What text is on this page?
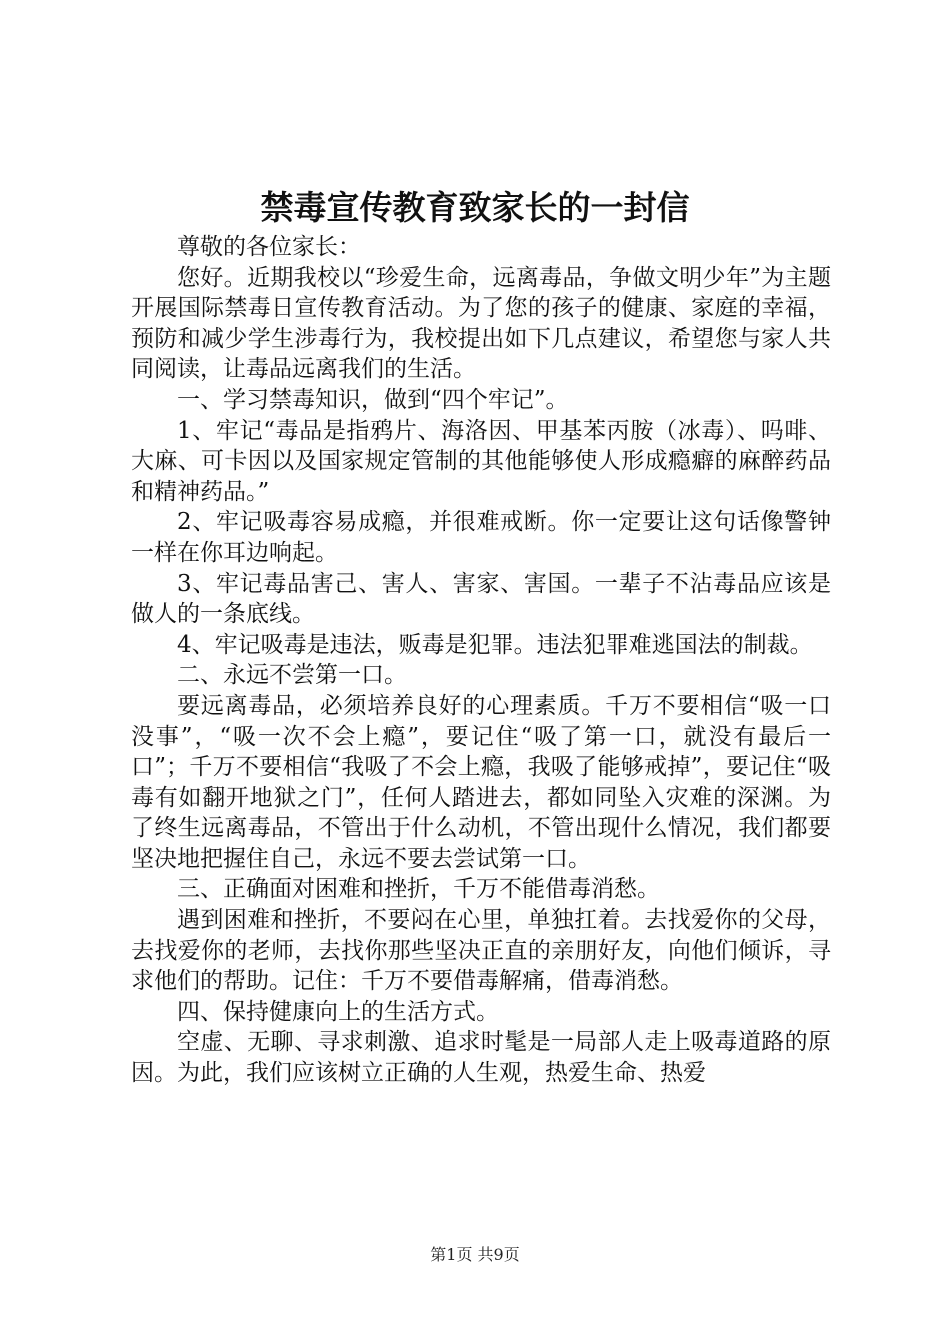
禁毒宣传教育致家长的一封信

尊敬的各位家长：

您好。近期我校以“珍爱生命，远离毒品，争做文明少年”为主题开展国际禁毒日宣传教育活动。为了您的孩子的健康、家庭的幸福，预防和减少学生涉毒行为，我校提出如下几点建议，希望您与家人共同阅读，让毒品远离我们的生活。

一、学习禁毒知识，做到“四个牢记”。

1、牢记“毒品是指鸦片、海洛因、甲基苯丙胺（冰毒）、吗啡、大麻、可卡因以及国家规定管制的其他能够使人形成瘾癖的麻醉药品和精神药品。”

2、牢记吸毒容易成瘾，并很难戒断。你一定要让这句话像警钟一样在你耳边响起。

3、牢记毒品害己、害人、害家、害国。一辈子不沾毒品应该是做人的一条底线。

4、牢记吸毒是违法，贩毒是犯罪。违法犯罪难逃国法的制裁。

二、永远不尝第一口。

要远离毒品，必须培养良好的心理素质。千万不要相信“吸一口没事”，“吸一次不会上瘾”，要记住“吸了第一口，就没有最后一口”；千万不要相信“我吸了不会上瘾，我吸了能够戒掉”，要记住“吸毒有如翻开地狱之门”，任何人踏进去，都如同坠入灾难的深渊。为了终生远离毒品，不管出于什么动机，不管出现什么情况，我们都要坚决地把握住自己，永远不要去尝试第一口。

三、正确面对困难和挫折，千万不能借毒消愁。

遇到困难和挫折，不要闷在心里，单独扛着。去找爱你的父母，去找爱你的老师，去找你那些坚决正直的亲朋好友，向他们倾诉，寻求他们的帮助。记住：千万不要借毒解痛，借毒消愁。

四、保持健康向上的生活方式。

空虚、无聊、寻求刺激、追求时髦是一局部人走上吸毒道路的原因。为此，我们应该树立正确的人生观，热爱生命、热爱

第1页 共9页
